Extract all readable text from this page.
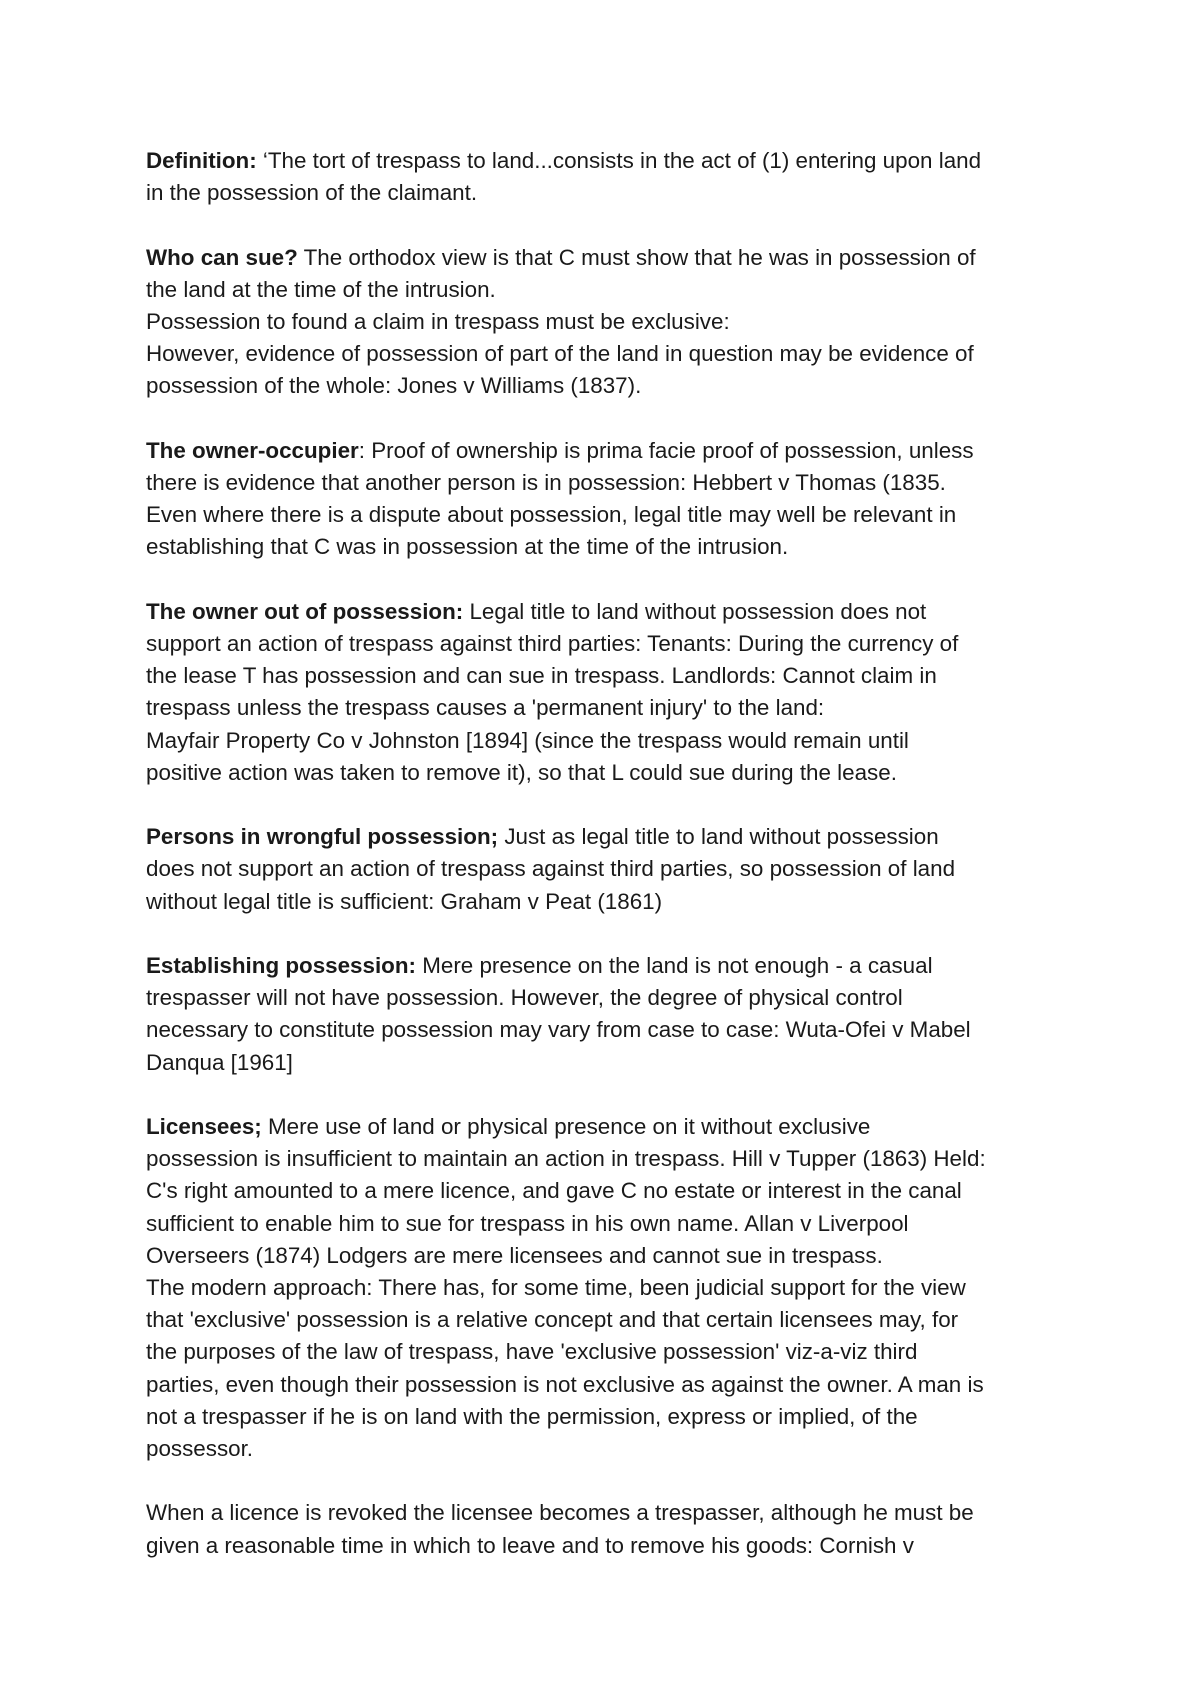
Definition: ‘The tort of trespass to land...consists in the act of (1) entering upon land
in the possession of the claimant.
Who can sue? The orthodox view is that C must show that he was in possession of
the land at the time of the intrusion.
Possession to found a claim in trespass must be exclusive:
However, evidence of possession of part of the land in question may be evidence of
possession of the whole: Jones v Williams (1837).
The owner-occupier: Proof of ownership is prima facie proof of possession, unless
there is evidence that another person is in possession: Hebbert v Thomas (1835.
Even where there is a dispute about possession, legal title may well be relevant in
establishing that C was in possession at the time of the intrusion.
The owner out of possession: Legal title to land without possession does not
support an action of trespass against third parties: Tenants: During the currency of
the lease T has possession and can sue in trespass. Landlords: Cannot claim in
trespass unless the trespass causes a 'permanent injury' to the land:
Mayfair Property Co v Johnston [1894] (since the trespass would remain until
positive action was taken to remove it), so that L could sue during the lease.
Persons in wrongful possession; Just as legal title to land without possession
does not support an action of trespass against third parties, so possession of land
without legal title is sufficient: Graham v Peat (1861)
Establishing possession: Mere presence on the land is not enough - a casual
trespasser will not have possession. However, the degree of physical control
necessary to constitute possession may vary from case to case: Wuta-Ofei v Mabel
Danqua [1961]
Licensees; Mere use of land or physical presence on it without exclusive
possession is insufficient to maintain an action in trespass. Hill v Tupper (1863) Held:
C's right amounted to a mere licence, and gave C no estate or interest in the canal
sufficient to enable him to sue for trespass in his own name. Allan v Liverpool
Overseers (1874) Lodgers are mere licensees and cannot sue in trespass.
The modern approach: There has, for some time, been judicial support for the view
that 'exclusive' possession is a relative concept and that certain licensees may, for
the purposes of the law of trespass, have 'exclusive possession' viz-a-viz third
parties, even though their possession is not exclusive as against the owner. A man is
not a trespasser if he is on land with the permission, express or implied, of the
possessor.
When a licence is revoked the licensee becomes a trespasser, although he must be
given a reasonable time in which to leave and to remove his goods: Cornish v
